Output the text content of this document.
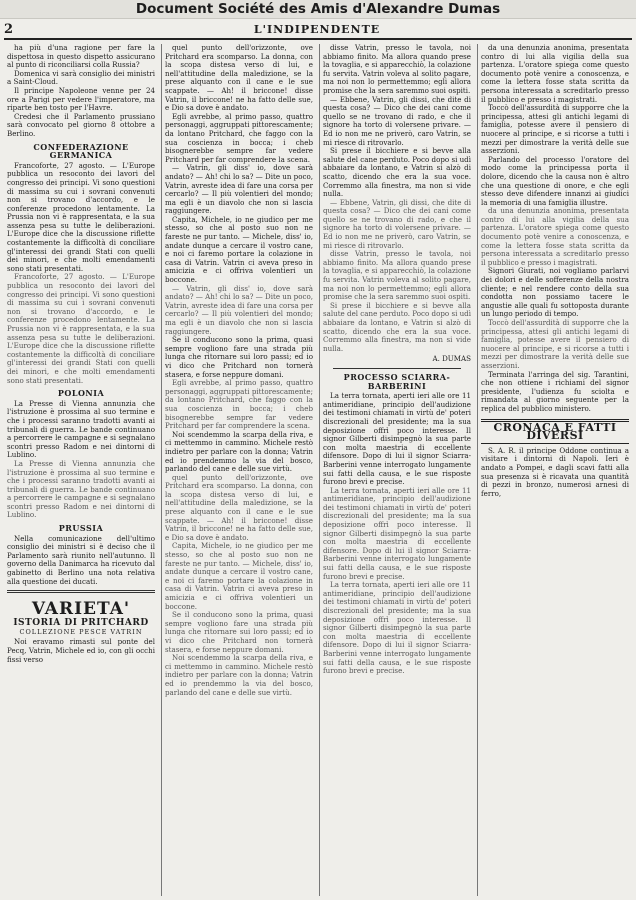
Document Société des Amis d'Alexandre Dumas
2	L'INDIPENDENTE

ha più d'una ragione per fare la dispettosa in questo dispetto assicurano al punto di riconciliarsi colla Russia?

Domenica vi sarà consiglio dei ministri a Saint-Cloud.

Il principe Napoleone venne per 24 ore a Parigi per vedere l'imperatore, ma riparte ben tosto per l'Havre.

Credesi che il Parlamento prussiano sarà convocato pel giorno 8 ottobre a Berlino.

CONFEDERAZIONE GERMANICA

Francoforte, 27 agosto. — L'Europe pubblica un resoconto dei lavori del congresso dei principi. Vi sono questioni di massima su cui i sovrani convenuti non si trovano d'accordo, e le conferenze procedono lentamente. La Prussia non vi è rappresentata, e la sua assenza pesa su tutte le deliberazioni. L'Europe dice che la discussione riflette costantemente la difficoltà di conciliare gl'interessi dei grandi Stati con quelli dei minori, e che molti emendamenti sono stati presentati.

Francoforte, 27 agosto. — L'Europe pubblica un resoconto dei lavori del congresso dei principi. Vi sono questioni di massima su cui i sovrani convenuti non si trovano d'accordo, e le conferenze procedono lentamente. La Prussia non vi è rappresentata, e la sua assenza pesa su tutte le deliberazioni. L'Europe dice che la discussione riflette costantemente la difficoltà di conciliare gl'interessi dei grandi Stati con quelli dei minori, e che molti emendamenti sono stati presentati.

POLONIA

La Presse di Vienna annunzia che l'istruzione è prossima al suo termine e che i processi saranno tradotti avanti ai tribunali di guerra. Le bande continuano a percorrere le campagne e si segnalano scontri presso Radom e nei dintorni di Lublino.

La Presse di Vienna annunzia che l'istruzione è prossima al suo termine e che i processi saranno tradotti avanti ai tribunali di guerra. Le bande continuano a percorrere le campagne e si segnalano scontri presso Radom e nei dintorni di Lublino.

PRUSSIA

Nella comunicazione dell'ultimo consiglio dei ministri si è deciso che il Parlamento sarà riunito nell'autunno. Il governo della Danimarca ha ricevuto dal gabinetto di Berlino una nota relativa alla questione dei ducati.

VARIETA'
ISTORIA DI PRITCHARD
COLLEZIONE PESCE VATRIN

Noi eravamo rimasti sul ponte del Pecq, Vatrin, Michele ed io, con gli occhi fissi verso

quel punto dell'orizzonte, ove Pritchard era scomparso. La donna, con la scopa distesa verso di lui, e nell'attitudine della maledizione, se la prese alquanto con il cane e le sue scappate. — Ah! il briccone! disse Vatrin, il briccone! ne ha fatto delle sue, e Dio sa dove è andato.

Egli avrebbe, al primo passo, quattro personaggi, aggruppati pittorescamente; da lontano Pritchard, che faggo con la sua coscienza in bocca; i cheb bisognerebbe sempre far vedere Pritchard per far comprendere la scena.

— Vatrin, gli diss' io, dove sarà andato? — Ah! chi lo sa? — Dite un poco, Vatrin, avreste idea di fare una corsa per cercarlo? — Il più volentieri del mondo; ma egli è un diavolo che non si lascia raggiungere.

Capita, Michele, io ne giudico per me stesso, so che al posto suo non ne fareste ne pur tanto. — Michele, diss' io, andate dunque a cercare il vostro cane, e noi ci faremo portare la colazione in casa di Vatrin. Vatrin ci aveva preso in amicizia e ci offriva volentieri un boccone.

— Vatrin, gli diss' io, dove sarà andato? — Ah! chi lo sa? — Dite un poco, Vatrin, avreste idea di fare una corsa per cercarlo? — Il più volentieri del mondo; ma egli è un diavolo che non si lascia raggiungere.

Se il conducono sono la prima, quasi sempre vogliono fare una strada più lunga che ritornare sui loro passi; ed io vi dico che Pritchard non tornerà stasera, e forse neppure domani.

Egli avrebbe, al primo passo, quattro personaggi, aggruppati pittorescamente; da lontano Pritchard, che faggo con la sua coscienza in bocca; i cheb bisognerebbe sempre far vedere Pritchard per far comprendere la scena.

Noi scendemmo la scarpa della riva, e ci mettemmo in cammino. Michele restò indietro per parlare con la donna; Vatrin ed io prendemmo la via del bosco, parlando del cane e delle sue virtù.

quel punto dell'orizzonte, ove Pritchard era scomparso. La donna, con la scopa distesa verso di lui, e nell'attitudine della maledizione, se la prese alquanto con il cane e le sue scappate. — Ah! il briccone! disse Vatrin, il briccone! ne ha fatto delle sue, e Dio sa dove è andato.

Capita, Michele, io ne giudico per me stesso, so che al posto suo non ne fareste ne pur tanto. — Michele, diss' io, andate dunque a cercare il vostro cane, e noi ci faremo portare la colazione in casa di Vatrin. Vatrin ci aveva preso in amicizia e ci offriva volentieri un boccone.

Se il conducono sono la prima, quasi sempre vogliono fare una strada più lunga che ritornare sui loro passi; ed io vi dico che Pritchard non tornerà stasera, e forse neppure domani.

Noi scendemmo la scarpa della riva, e ci mettemmo in cammino. Michele restò indietro per parlare con la donna; Vatrin ed io prendemmo la via del bosco, parlando del cane e delle sue virtù.

disse Vatrin, presso le tavola, noi abbiamo finito. Ma allora quando prese la tovaglia, e si apparecchiò, la colazione fu servita. Vatrin voleva al solito pagare, ma noi non lo permettemmo; egli allora promise che la sera saremmo suoi ospiti.

— Ebbene, Vatrin, gli dissi, che dite di questa cosa? — Dico che dei cani come quello se ne trovano di rado, e che il signore ha torto di volersene privare. — Ed io non me ne priverò, caro Vatrin, se mi riesce di ritrovarlo.

Si prese il bicchiere e si bevve alla salute del cane perduto. Poco dopo si udì abbaiare da lontano, e Vatrin si alzò di scatto, dicendo che era la sua voce. Corremmo alla finestra, ma non si vide nulla.

— Ebbene, Vatrin, gli dissi, che dite di questa cosa? — Dico che dei cani come quello se ne trovano di rado, e che il signore ha torto di volersene privare. — Ed io non me ne priverò, caro Vatrin, se mi riesce di ritrovarlo.

disse Vatrin, presso le tavola, noi abbiamo finito. Ma allora quando prese la tovaglia, e si apparecchiò, la colazione fu servita. Vatrin voleva al solito pagare, ma noi non lo permettemmo; egli allora promise che la sera saremmo suoi ospiti.

Si prese il bicchiere e si bevve alla salute del cane perduto. Poco dopo si udì abbaiare da lontano, e Vatrin si alzò di scatto, dicendo che era la sua voce. Corremmo alla finestra, ma non si vide nulla.

A. DUMAS
PROCESSO SCIARRA-BARBERINI

La terra tornata, aperti ieri alle ore 11 antimeridiane, principio dell'audizione dei testimoni chiamati in virtù de' poteri discrezionali del presidente; ma la sua deposizione offrì poco interesse. Il signor Gilberti disimpegnò la sua parte con molta maestria di eccellente difensore. Dopo di lui il signor Sciarra-Barberini venne interrogato lungamente sui fatti della causa, e le sue risposte furono brevi e precise.

La terra tornata, aperti ieri alle ore 11 antimeridiane, principio dell'audizione dei testimoni chiamati in virtù de' poteri discrezionali del presidente; ma la sua deposizione offrì poco interesse. Il signor Gilberti disimpegnò la sua parte con molta maestria di eccellente difensore. Dopo di lui il signor Sciarra-Barberini venne interrogato lungamente sui fatti della causa, e le sue risposte furono brevi e precise.

La terra tornata, aperti ieri alle ore 11 antimeridiane, principio dell'audizione dei testimoni chiamati in virtù de' poteri discrezionali del presidente; ma la sua deposizione offrì poco interesse. Il signor Gilberti disimpegnò la sua parte con molta maestria di eccellente difensore. Dopo di lui il signor Sciarra-Barberini venne interrogato lungamente sui fatti della causa, e le sue risposte furono brevi e precise.

da una denunzia anonima, presentata contro di lui alla vigilia della sua partenza. L'oratore spiega come questo documento potè venire a conoscenza, e come la lettera fosse stata scritta da persona interessata a screditarlo presso il pubblico e presso i magistrati.

Toccò dell'assurdità di supporre che la principessa, attesi gli antichi legami di famiglia, potesse avere il pensiero di nuocere al principe, e si ricorse a tutti i mezzi per dimostrare la verità delle sue asserzioni.

Parlando del processo l'oratore del modo come la principessa porta il dolore, dicendo che la causa non è altro che una questione di onore, e che egli stesso deve difendere innanzi ai giudici la memoria di una famiglia illustre.

da una denunzia anonima, presentata contro di lui alla vigilia della sua partenza. L'oratore spiega come questo documento potè venire a conoscenza, e come la lettera fosse stata scritta da persona interessata a screditarlo presso il pubblico e presso i magistrati.

Signori Giurati, noi vogliamo parlarvi dei dolori e delle sofferenze della nostra cliente; e nel rendere conto della sua condotta non possiamo tacere le angustie alle quali fu sottoposta durante un lungo periodo di tempo.

Toccò dell'assurdità di supporre che la principessa, attesi gli antichi legami di famiglia, potesse avere il pensiero di nuocere al principe, e si ricorse a tutti i mezzi per dimostrare la verità delle sue asserzioni.

Terminata l'arringa del sig. Tarantini, che non ottiene i richiami del signor presidente, l'udienza fu sciolta e rimandata al giorno seguente per la replica del pubblico ministero.

CRONACA E FATTI DIVERSI

S. A. R. il principe Oddone continua a visitare i dintorni di Napoli. Ieri è andato a Pompei, e dagli scavi fatti alla sua presenza si è ricavata una quantità di pezzi in bronzo, numerosi arnesi di ferro,
